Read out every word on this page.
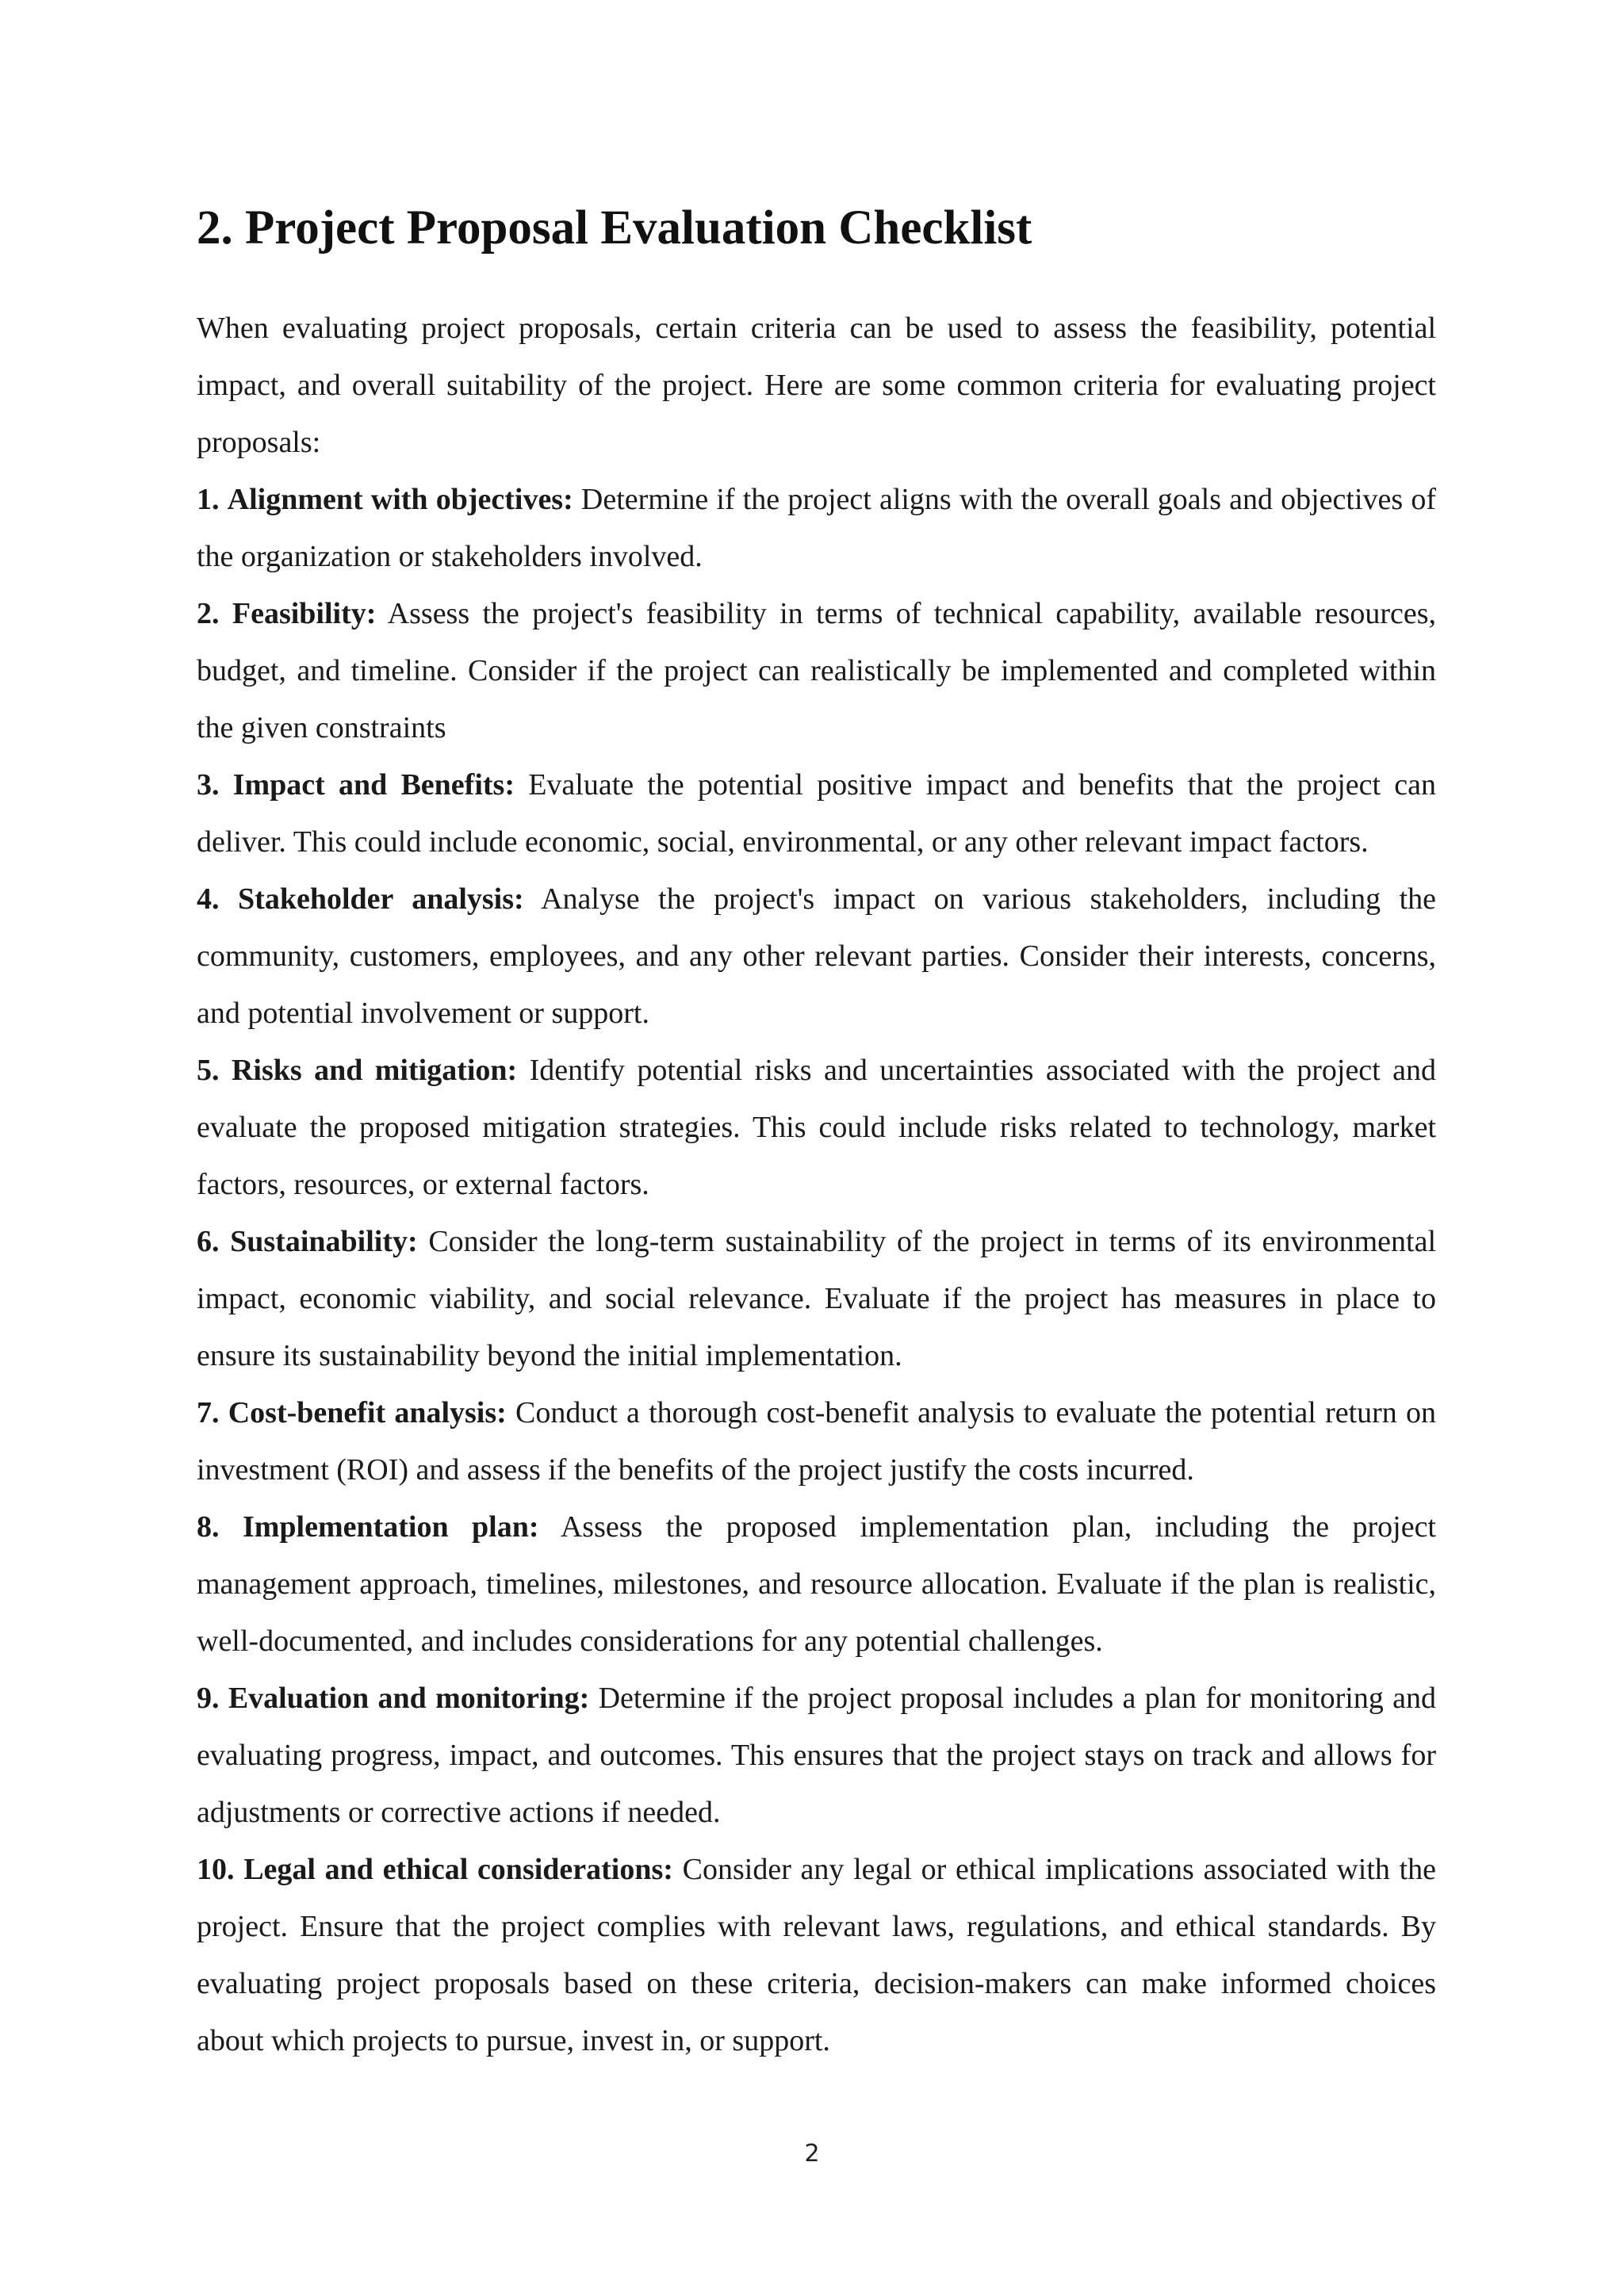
2. Project Proposal Evaluation Checklist

When evaluating project proposals, certain criteria can be used to assess the feasibility, potential impact, and overall suitability of the project. Here are some common criteria for evaluating project proposals:

1. Alignment with objectives: Determine if the project aligns with the overall goals and objectives of the organization or stakeholders involved.

2. Feasibility: Assess the project's feasibility in terms of technical capability, available resources, budget, and timeline. Consider if the project can realistically be implemented and completed within the given constraints

3. Impact and Benefits: Evaluate the potential positive impact and benefits that the project can deliver. This could include economic, social, environmental, or any other relevant impact factors.

4. Stakeholder analysis: Analyse the project's impact on various stakeholders, including the community, customers, employees, and any other relevant parties. Consider their interests, concerns, and potential involvement or support.

5. Risks and mitigation: Identify potential risks and uncertainties associated with the project and evaluate the proposed mitigation strategies. This could include risks related to technology, market factors, resources, or external factors.

6. Sustainability: Consider the long-term sustainability of the project in terms of its environmental impact, economic viability, and social relevance. Evaluate if the project has measures in place to ensure its sustainability beyond the initial implementation.

7. Cost-benefit analysis: Conduct a thorough cost-benefit analysis to evaluate the potential return on investment (ROI) and assess if the benefits of the project justify the costs incurred.

8. Implementation plan: Assess the proposed implementation plan, including the project management approach, timelines, milestones, and resource allocation. Evaluate if the plan is realistic, well-documented, and includes considerations for any potential challenges.

9. Evaluation and monitoring: Determine if the project proposal includes a plan for monitoring and evaluating progress, impact, and outcomes. This ensures that the project stays on track and allows for adjustments or corrective actions if needed.

10. Legal and ethical considerations: Consider any legal or ethical implications associated with the project. Ensure that the project complies with relevant laws, regulations, and ethical standards. By evaluating project proposals based on these criteria, decision-makers can make informed choices about which projects to pursue, invest in, or support.

2
